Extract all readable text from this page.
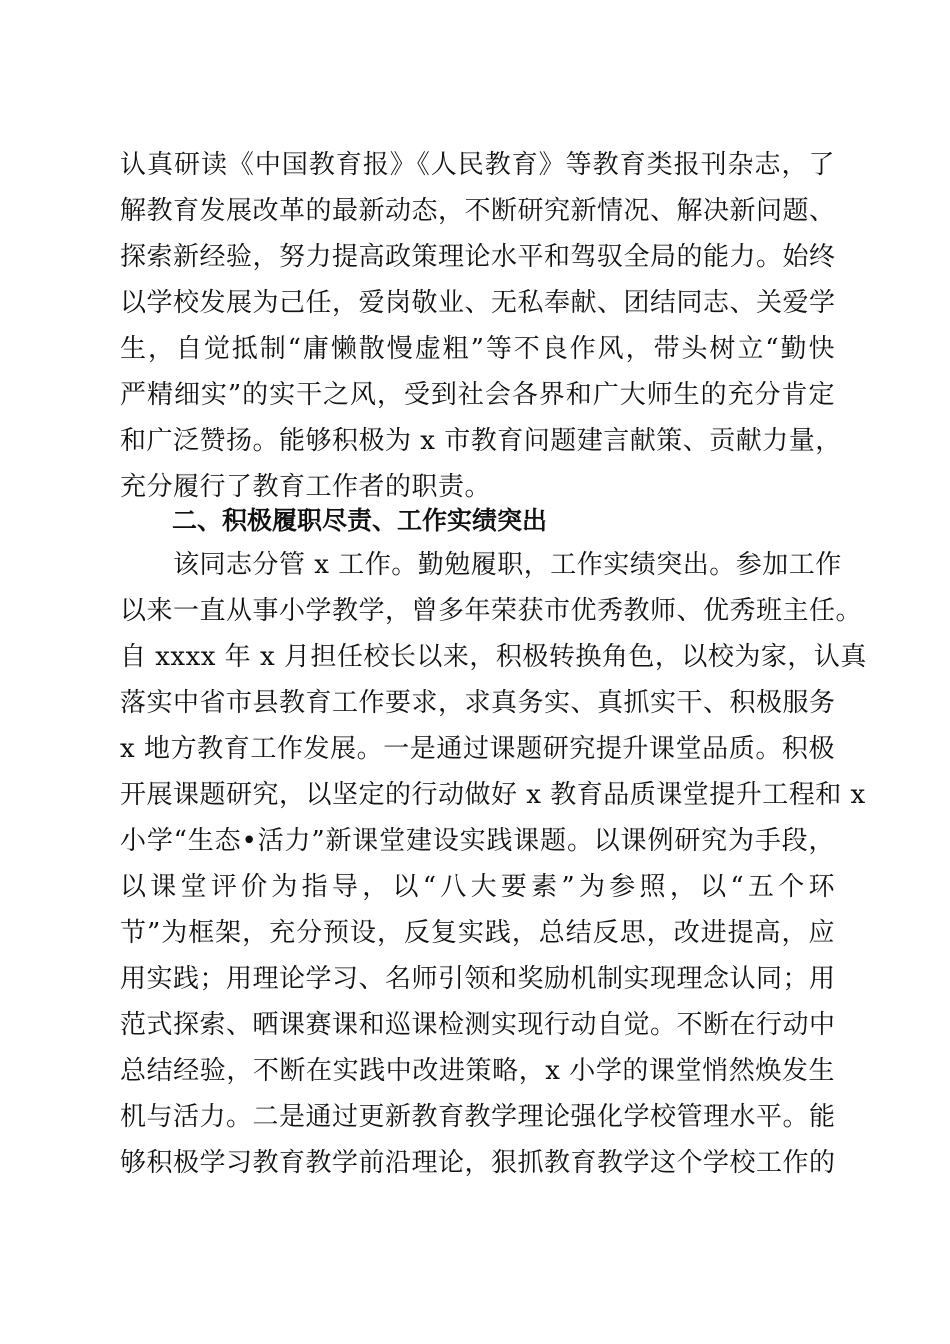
认真研读《中国教育报》《人民教育》等教育类报刊杂志，了
解教育发展改革的最新动态，不断研究新情况、解决新问题、
探索新经验，努力提高政策理论水平和驾驭全局的能力。始终
以学校发展为己任，爱岗敬业、无私奉献、团结同志、关爱学
生，自觉抵制“庸懒散慢虚粗”等不良作风，带头树立“勤快
严精细实”的实干之风，受到社会各界和广大师生的充分肯定
和广泛赞扬。能够积极为 x 市教育问题建言献策、贡献力量，
充分履行了教育工作者的职责。
二、积极履职尽责、工作实绩突出
　　该同志分管 x 工作。勤勉履职，工作实绩突出。参加工作
以来一直从事小学教学，曾多年荣获市优秀教师、优秀班主任。
自 xxxx 年 x 月担任校长以来，积极转换角色，以校为家，认真
落实中省市县教育工作要求，求真务实、真抓实干、积极服务
x 地方教育工作发展。一是通过课题研究提升课堂品质。积极
开展课题研究，以坚定的行动做好 x 教育品质课堂提升工程和 x
小学“生态•活力”新课堂建设实践课题。以课例研究为手段，
以课堂评价为指导，以“八大要素”为参照，以“五个环
节”为框架，充分预设，反复实践，总结反思，改进提高，应
用实践；用理论学习、名师引领和奖励机制实现理念认同；用
范式探索、晒课赛课和巡课检测实现行动自觉。不断在行动中
总结经验，不断在实践中改进策略，x 小学的课堂悄然焕发生
机与活力。二是通过更新教育教学理论强化学校管理水平。能
够积极学习教育教学前沿理论，狠抓教育教学这个学校工作的
